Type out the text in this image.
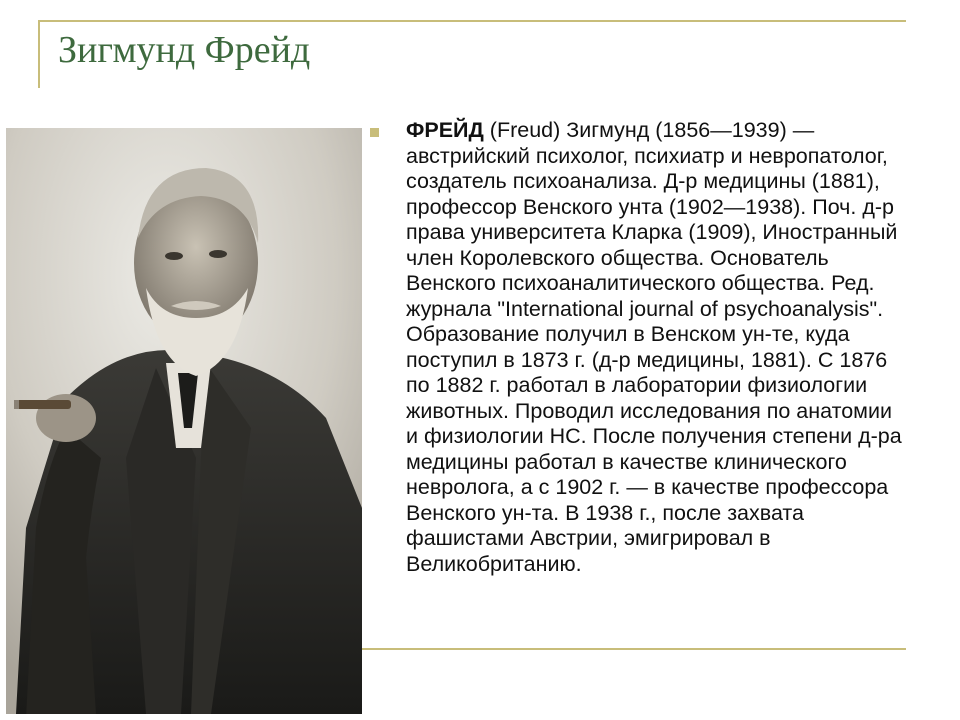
Зигмунд Фрейд

ФРЕЙД (Freud) Зигмунд (1856—1939) — австрийский психолог, психиатр и невропатолог, создатель психоанализа. Д-р медицины (1881), профессор Венского унта (1902—1938). Поч. д-р права университета Кларка (1909), Иностранный член Королевского общества. Основатель Венского психоаналитического общества. Ред. журнала "International journal of psychoanalysis". Образование получил в Венском ун-те, куда поступил в 1873 г. (д-р медицины, 1881). С 1876 по 1882 г. работал в лаборатории физиологии животных. Проводил исследования по анатомии и физиологии НС. После получения степени д-ра медицины работал в качестве клинического невролога, а с 1902 г. — в качестве профессора Венского ун-та. В 1938 г., после захвата фашистами Австрии, эмигрировал в Великобританию.
